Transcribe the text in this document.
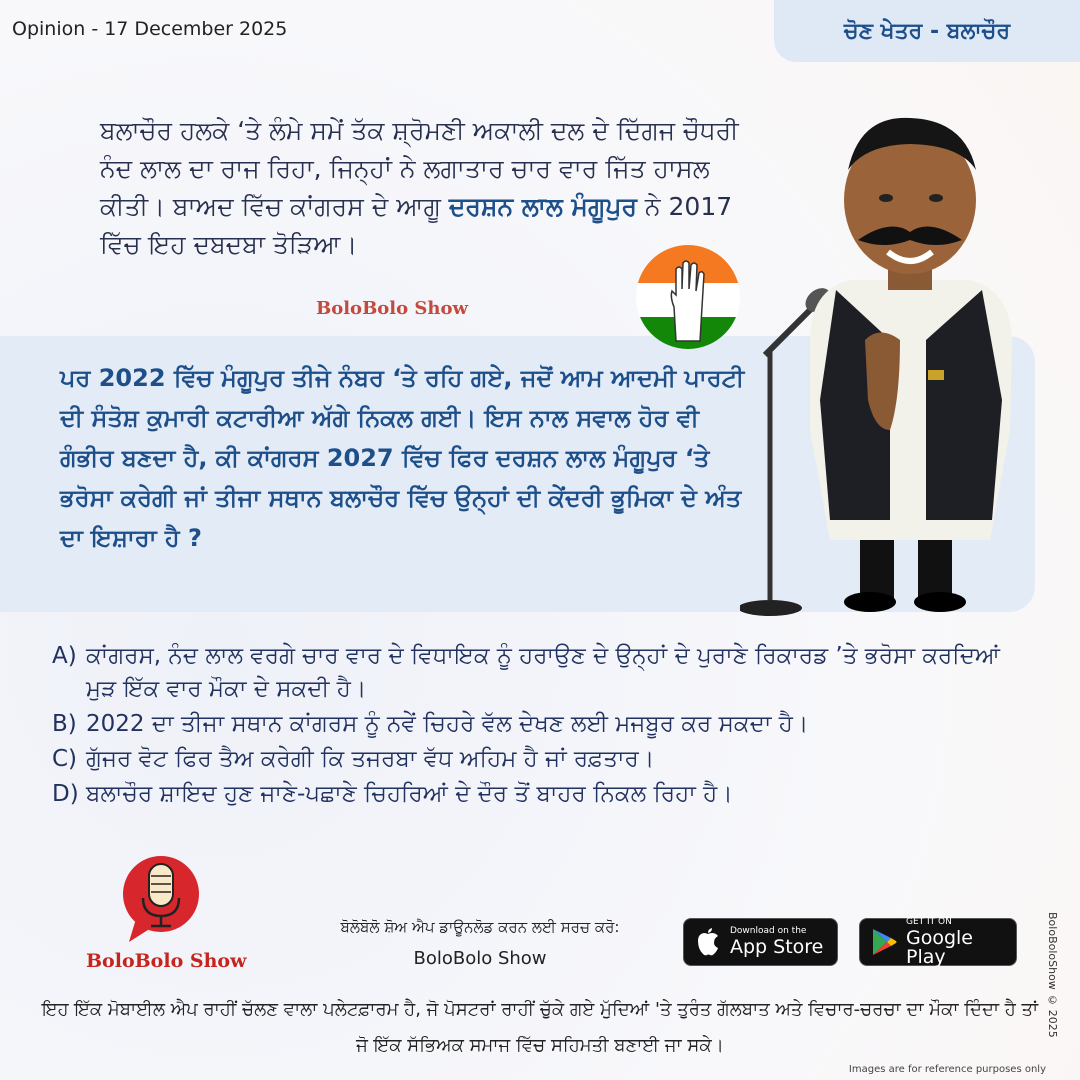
Opinion - 17 December 2025	ਚੋਣ ਖੇਤਰ - ਬਲਾਚੌਰ
ਬਲਾਚੌਰ ਹਲਕੇ ‘ਤੇ ਲੰਮੇ ਸਮੇਂ ਤੱਕ ਸ਼੍ਰੋਮਣੀ ਅਕਾਲੀ ਦਲ ਦੇ ਦਿੱਗਜ ਚੌਧਰੀ ਨੰਦ ਲਾਲ ਦਾ ਰਾਜ ਰਿਹਾ, ਜਿਨ੍ਹਾਂ ਨੇ ਲਗਾਤਾਰ ਚਾਰ ਵਾਰ ਜਿੱਤ ਹਾਸਲ ਕੀਤੀ। ਬਾਅਦ ਵਿੱਚ ਕਾਂਗਰਸ ਦੇ ਆਗੂ ਦਰਸ਼ਨ ਲਾਲ ਮੰਗੂਪੁਰ ਨੇ 2017 ਵਿੱਚ ਇਹ ਦਬਦਬਾ ਤੋੜਿਆ।
BoloBolo Show
ਪਰ 2022 ਵਿੱਚ ਮੰਗੂਪੁਰ ਤੀਜੇ ਨੰਬਰ ‘ਤੇ ਰਹਿ ਗਏ, ਜਦੋਂ ਆਮ ਆਦਮੀ ਪਾਰਟੀ ਦੀ ਸੰਤੋਸ਼ ਕੁਮਾਰੀ ਕਟਾਰੀਆ ਅੱਗੇ ਨਿਕਲ ਗਈ। ਇਸ ਨਾਲ ਸਵਾਲ ਹੋਰ ਵੀ ਗੰਭੀਰ ਬਣਦਾ ਹੈ, ਕੀ ਕਾਂਗਰਸ 2027 ਵਿੱਚ ਫਿਰ ਦਰਸ਼ਨ ਲਾਲ ਮੰਗੂਪੁਰ ‘ਤੇ ਭਰੋਸਾ ਕਰੇਗੀ ਜਾਂ ਤੀਜਾ ਸਥਾਨ ਬਲਾਚੌਰ ਵਿੱਚ ਉਨ੍ਹਾਂ ਦੀ ਕੇਂਦਰੀ ਭੂਮਿਕਾ ਦੇ ਅੰਤ ਦਾ ਇਸ਼ਾਰਾ ਹੈ ?
A) ਕਾਂਗਰਸ, ਨੰਦ ਲਾਲ ਵਰਗੇ ਚਾਰ ਵਾਰ ਦੇ ਵਿਧਾਇਕ ਨੂੰ ਹਰਾਉਣ ਦੇ ਉਨ੍ਹਾਂ ਦੇ ਪੁਰਾਣੇ ਰਿਕਾਰਡ ’ਤੇ ਭਰੋਸਾ ਕਰਦਿਆਂ ਮੁੜ ਇੱਕ ਵਾਰ ਮੌਕਾ ਦੇ ਸਕਦੀ ਹੈ।
B) 2022 ਦਾ ਤੀਜਾ ਸਥਾਨ ਕਾਂਗਰਸ ਨੂੰ ਨਵੇਂ ਚਿਹਰੇ ਵੱਲ ਦੇਖਣ ਲਈ ਮਜਬੂਰ ਕਰ ਸਕਦਾ ਹੈ।
C) ਗੁੱਜਰ ਵੋਟ ਫਿਰ ਤੈਅ ਕਰੇਗੀ ਕਿ ਤਜਰਬਾ ਵੱਧ ਅਹਿਮ ਹੈ ਜਾਂ ਰਫ਼ਤਾਰ।
D) ਬਲਾਚੌਰ ਸ਼ਾਇਦ ਹੁਣ ਜਾਣੇ-ਪਛਾਣੇ ਚਿਹਰਿਆਂ ਦੇ ਦੌਰ ਤੋਂ ਬਾਹਰ ਨਿਕਲ ਰਿਹਾ ਹੈ।
BoloBolo Show
ਬੋਲੋਬੋਲੋ ਸ਼ੋਅ ਐਪ ਡਾਊਨਲੋਡ ਕਰਨ ਲਈ ਸਰਚ ਕਰੋ:
BoloBolo Show
Download on the
App Store
GET IT ON
Google Play
ਇਹ ਇੱਕ ਮੋਬਾਈਲ ਐਪ ਰਾਹੀਂ ਚੱਲਣ ਵਾਲਾ ਪਲੇਟਫ਼ਾਰਮ ਹੈ, ਜੋ ਪੋਸਟਰਾਂ ਰਾਹੀਂ ਚੁੱਕੇ ਗਏ ਮੁੱਦਿਆਂ 'ਤੇ ਤੁਰੰਤ ਗੱਲਬਾਤ ਅਤੇ ਵਿਚਾਰ-ਚਰਚਾ ਦਾ ਮੌਕਾ ਦਿੰਦਾ ਹੈ ਤਾਂ ਜੋ ਇੱਕ ਸੱਭਿਅਕ ਸਮਾਜ ਵਿੱਚ ਸਹਿਮਤੀ ਬਣਾਈ ਜਾ ਸਕੇ।
BoloBoloShow © 2025
Images are for reference purposes only
